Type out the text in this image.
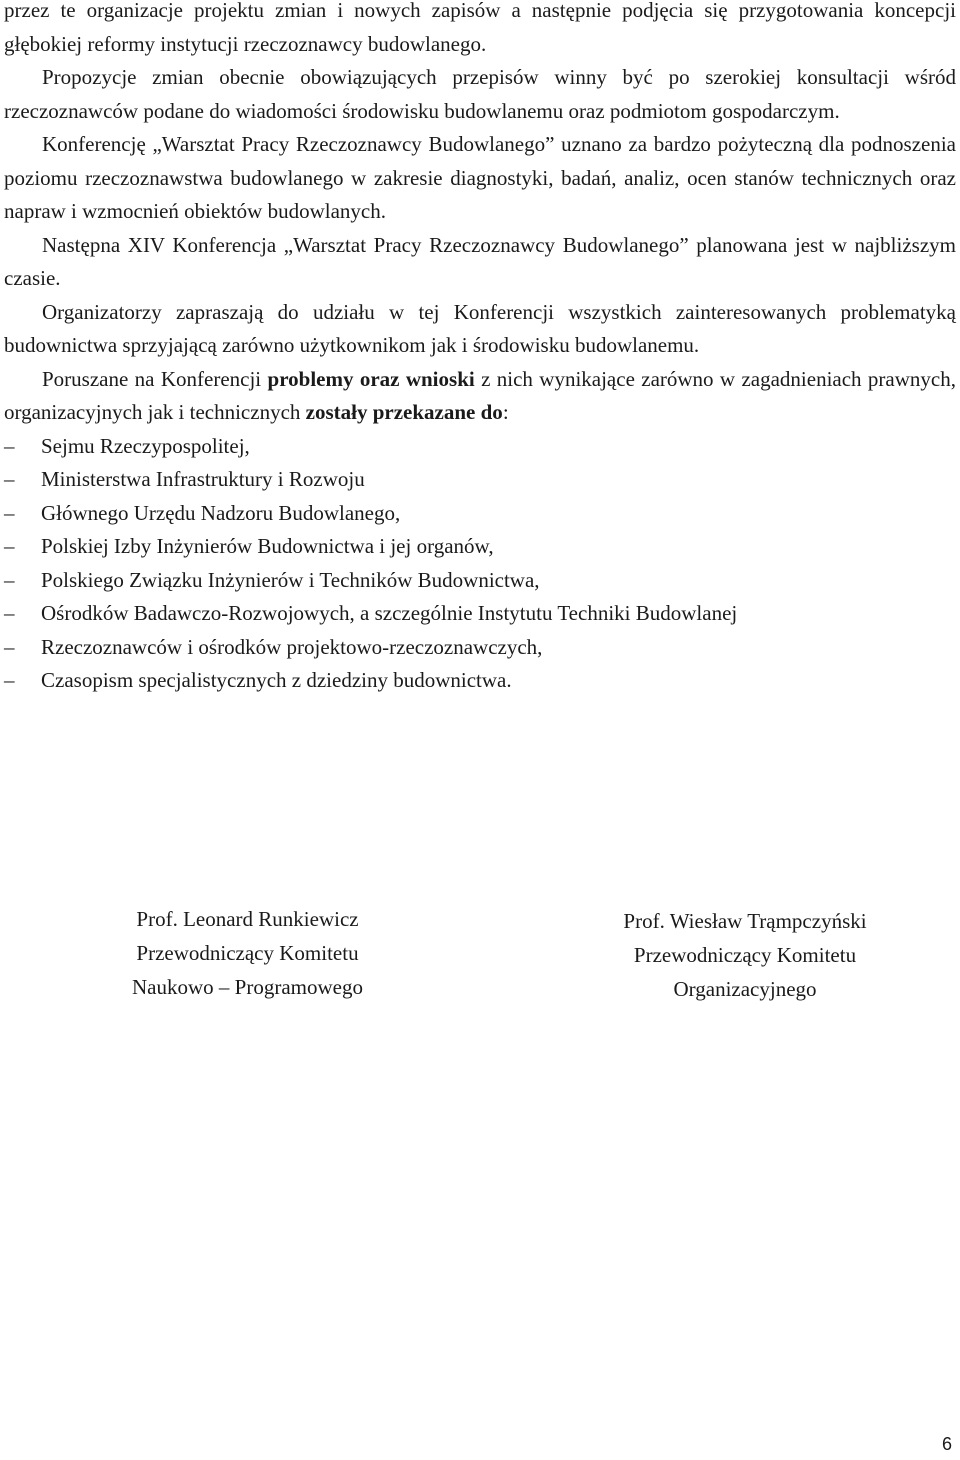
przez te organizacje projektu zmian i nowych zapisów a następnie podjęcia się przygotowania koncepcji głębokiej reformy instytucji rzeczoznawcy budowlanego.

Propozycje zmian obecnie obowiązujących przepisów winny być po szerokiej konsultacji wśród rzeczoznawców podane do wiadomości środowisku budowlanemu oraz podmiotom gospodarczym.

Konferencję „Warsztat Pracy Rzeczoznawcy Budowlanego” uznano za bardzo pożyteczną dla podnoszenia poziomu rzeczoznawstwa budowlanego w zakresie diagnostyki, badań, analiz, ocen stanów technicznych oraz napraw i wzmocnień obiektów budowlanych.

Następna XIV Konferencja „Warsztat Pracy Rzeczoznawcy Budowlanego” planowana jest w najbliższym czasie.

Organizatorzy zapraszają do udziału w tej Konferencji wszystkich zainteresowanych problematyką budownictwa sprzyjającą zarówno użytkownikom jak i środowisku budowlanemu.

Poruszane na Konferencji problemy oraz wnioski z nich wynikające zarówno w zagadnieniach prawnych, organizacyjnych jak i technicznych zostały przekazane do:

– Sejmu Rzeczypospolitej,
– Ministerstwa Infrastruktury i Rozwoju
– Głównego Urzędu Nadzoru Budowlanego,
– Polskiej Izby Inżynierów Budownictwa i jej organów,
– Polskiego Związku Inżynierów i Techników Budownictwa,
– Ośrodków Badawczo-Rozwojowych, a szczególnie Instytutu Techniki Budowlanej
– Rzeczoznawców i ośrodków projektowo-rzeczoznawczych,
– Czasopism specjalistycznych z dziedziny budownictwa.
Prof. Leonard Runkiewicz
Przewodniczący Komitetu
Naukowo – Programowego
Prof. Wiesław Trąmpczyński
Przewodniczący Komitetu
Organizacyjnego
6
